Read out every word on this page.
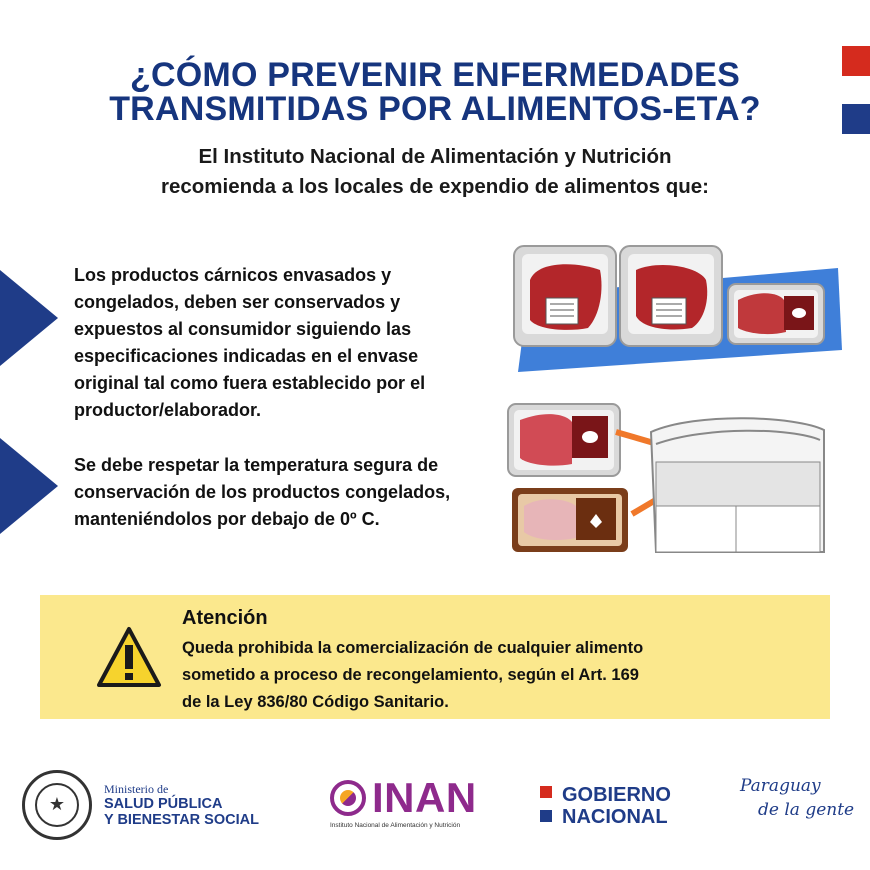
¿CÓMO PREVENIR ENFERMEDADES
TRANSMITIDAS POR ALIMENTOS-ETA?
El Instituto Nacional de Alimentación y Nutrición
recomienda a los locales de expendio de alimentos que:
Los productos cárnicos envasados y
congelados, deben ser conservados y
expuestos al consumidor siguiendo las
especificaciones indicadas en el envase
original tal como fuera establecido por el
productor/elaborador.
Se debe respetar la temperatura segura de
conservación de los productos congelados,
manteniéndolos por debajo de 0º C.
Atención
Queda prohibida la comercialización de cualquier alimento
sometido a proceso de recongelamiento, según el Art. 169
de la Ley 836/80 Código Sanitario.
★
Ministerio de
SALUD PÚBLICA
Y BIENESTAR SOCIAL	INAN
Instituto Nacional de Alimentación y Nutrición
GOBIERNO
NACIONAL
Paraguay
de la gente
